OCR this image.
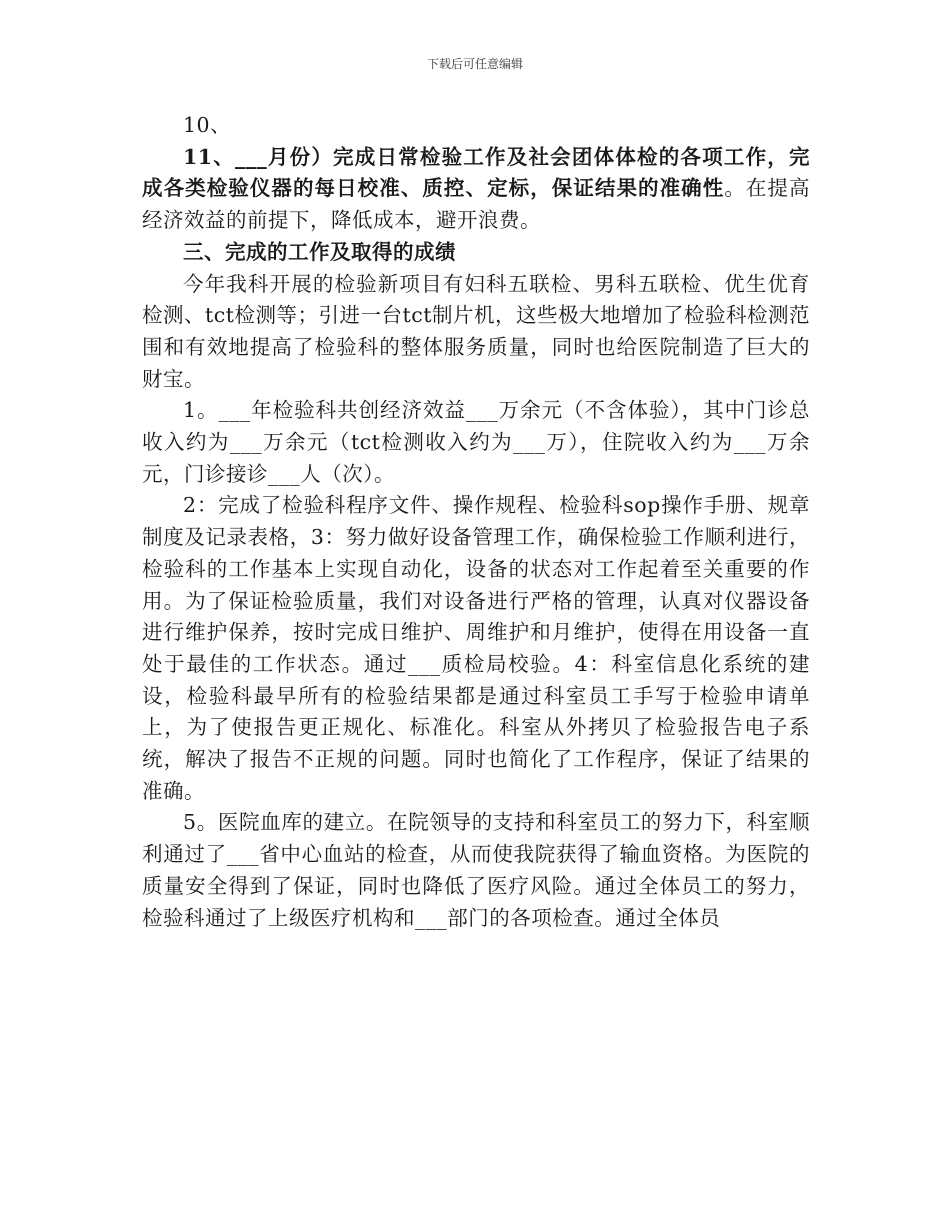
下载后可任意编辑

10、

11、___月份）完成日常检验工作及社会团体体检的各项工作，完成各类检验仪器的每日校准、质控、定标，保证结果的准确性。在提高经济效益的前提下，降低成本，避开浪费。

三、完成的工作及取得的成绩

今年我科开展的检验新项目有妇科五联检、男科五联检、优生优育检测、tct检测等；引进一台tct制片机，这些极大地增加了检验科检测范围和有效地提高了检验科的整体服务质量，同时也给医院制造了巨大的财宝。

1。___年检验科共创经济效益___万余元（不含体验），其中门诊总收入约为___万余元（tct检测收入约为___万），住院收入约为___万余元，门诊接诊___人（次）。

2：完成了检验科程序文件、操作规程、检验科sop操作手册、规章制度及记录表格，3：努力做好设备管理工作，确保检验工作顺利进行，检验科的工作基本上实现自动化，设备的状态对工作起着至关重要的作用。为了保证检验质量，我们对设备进行严格的管理，认真对仪器设备进行维护保养，按时完成日维护、周维护和月维护，使得在用设备一直处于最佳的工作状态。通过___质检局校验。4：科室信息化系统的建设，检验科最早所有的检验结果都是通过科室员工手写于检验申请单上，为了使报告更正规化、标准化。科室从外拷贝了检验报告电子系统，解决了报告不正规的问题。同时也简化了工作程序，保证了结果的准确。

5。医院血库的建立。在院领导的支持和科室员工的努力下，科室顺利通过了___省中心血站的检查，从而使我院获得了输血资格。为医院的质量安全得到了保证，同时也降低了医疗风险。通过全体员工的努力，检验科通过了上级医疗机构和___部门的各项检查。通过全体员
